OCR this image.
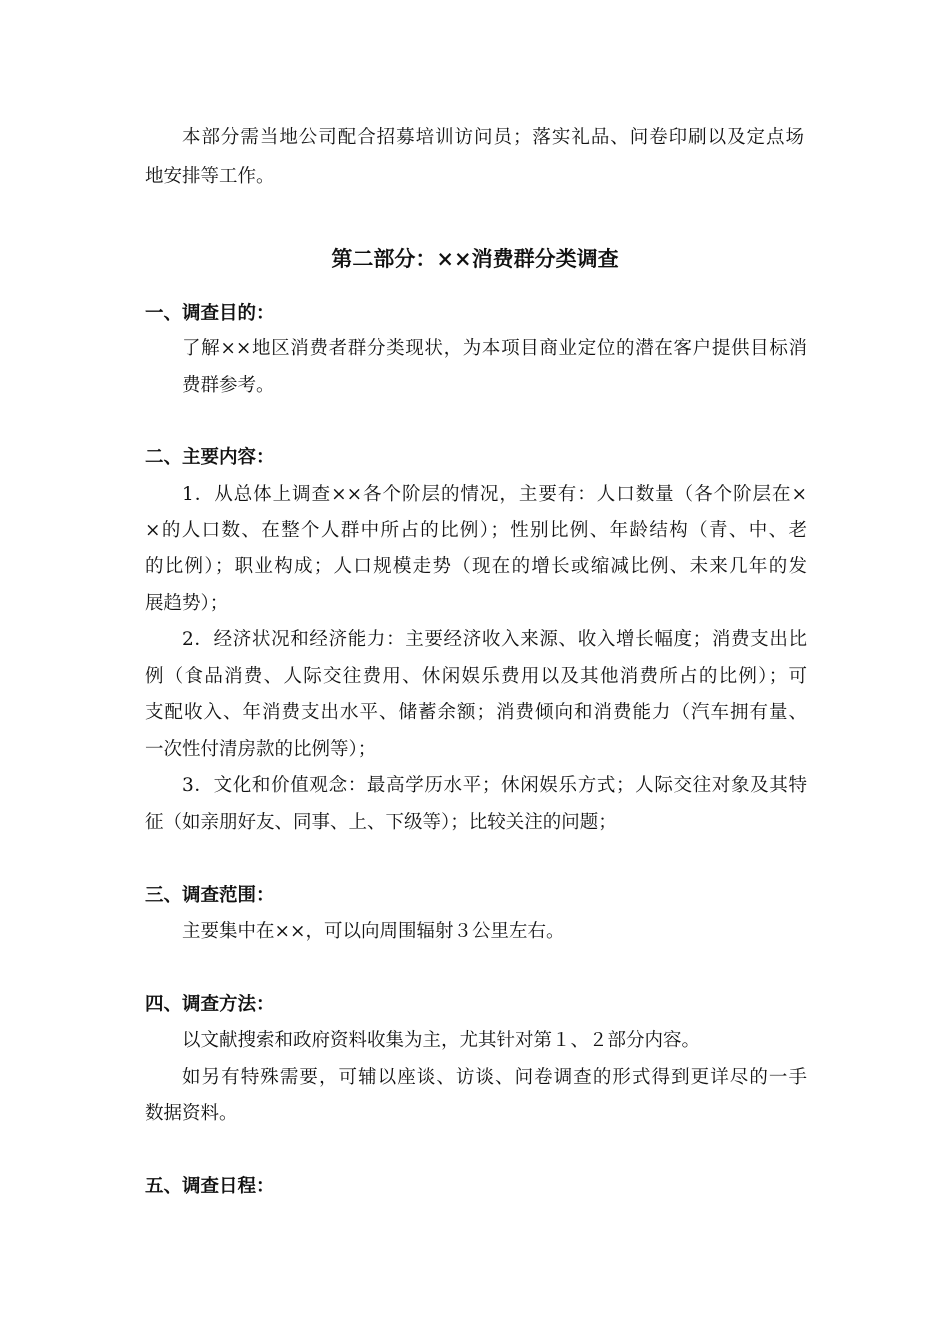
本部分需当地公司配合招募培训访问员；落实礼品、问卷印刷以及定点场
地安排等工作。
第二部分：××消费群分类调查
一、调查目的：
了解××地区消费者群分类现状，为本项目商业定位的潜在客户提供目标消
费群参考。
二、主要内容：
1．从总体上调查××各个阶层的情况，主要有：人口数量（各个阶层在×
×的人口数、在整个人群中所占的比例）；性别比例、年龄结构（青、中、老
的比例）；职业构成；人口规模走势（现在的增长或缩减比例、未来几年的发
展趋势）；
2．经济状况和经济能力：主要经济收入来源、收入增长幅度；消费支出比
例（食品消费、人际交往费用、休闲娱乐费用以及其他消费所占的比例）；可
支配收入、年消费支出水平、储蓄余额；消费倾向和消费能力（汽车拥有量、
一次性付清房款的比例等）；
3．文化和价值观念：最高学历水平；休闲娱乐方式；人际交往对象及其特
征（如亲朋好友、同事、上、下级等）；比较关注的问题；
三、调查范围：
主要集中在××，可以向周围辐射３公里左右。
四、调查方法：
以文献搜索和政府资料收集为主，尤其针对第１、２部分内容。
如另有特殊需要，可辅以座谈、访谈、问卷调查的形式得到更详尽的一手
数据资料。
五、调查日程：
